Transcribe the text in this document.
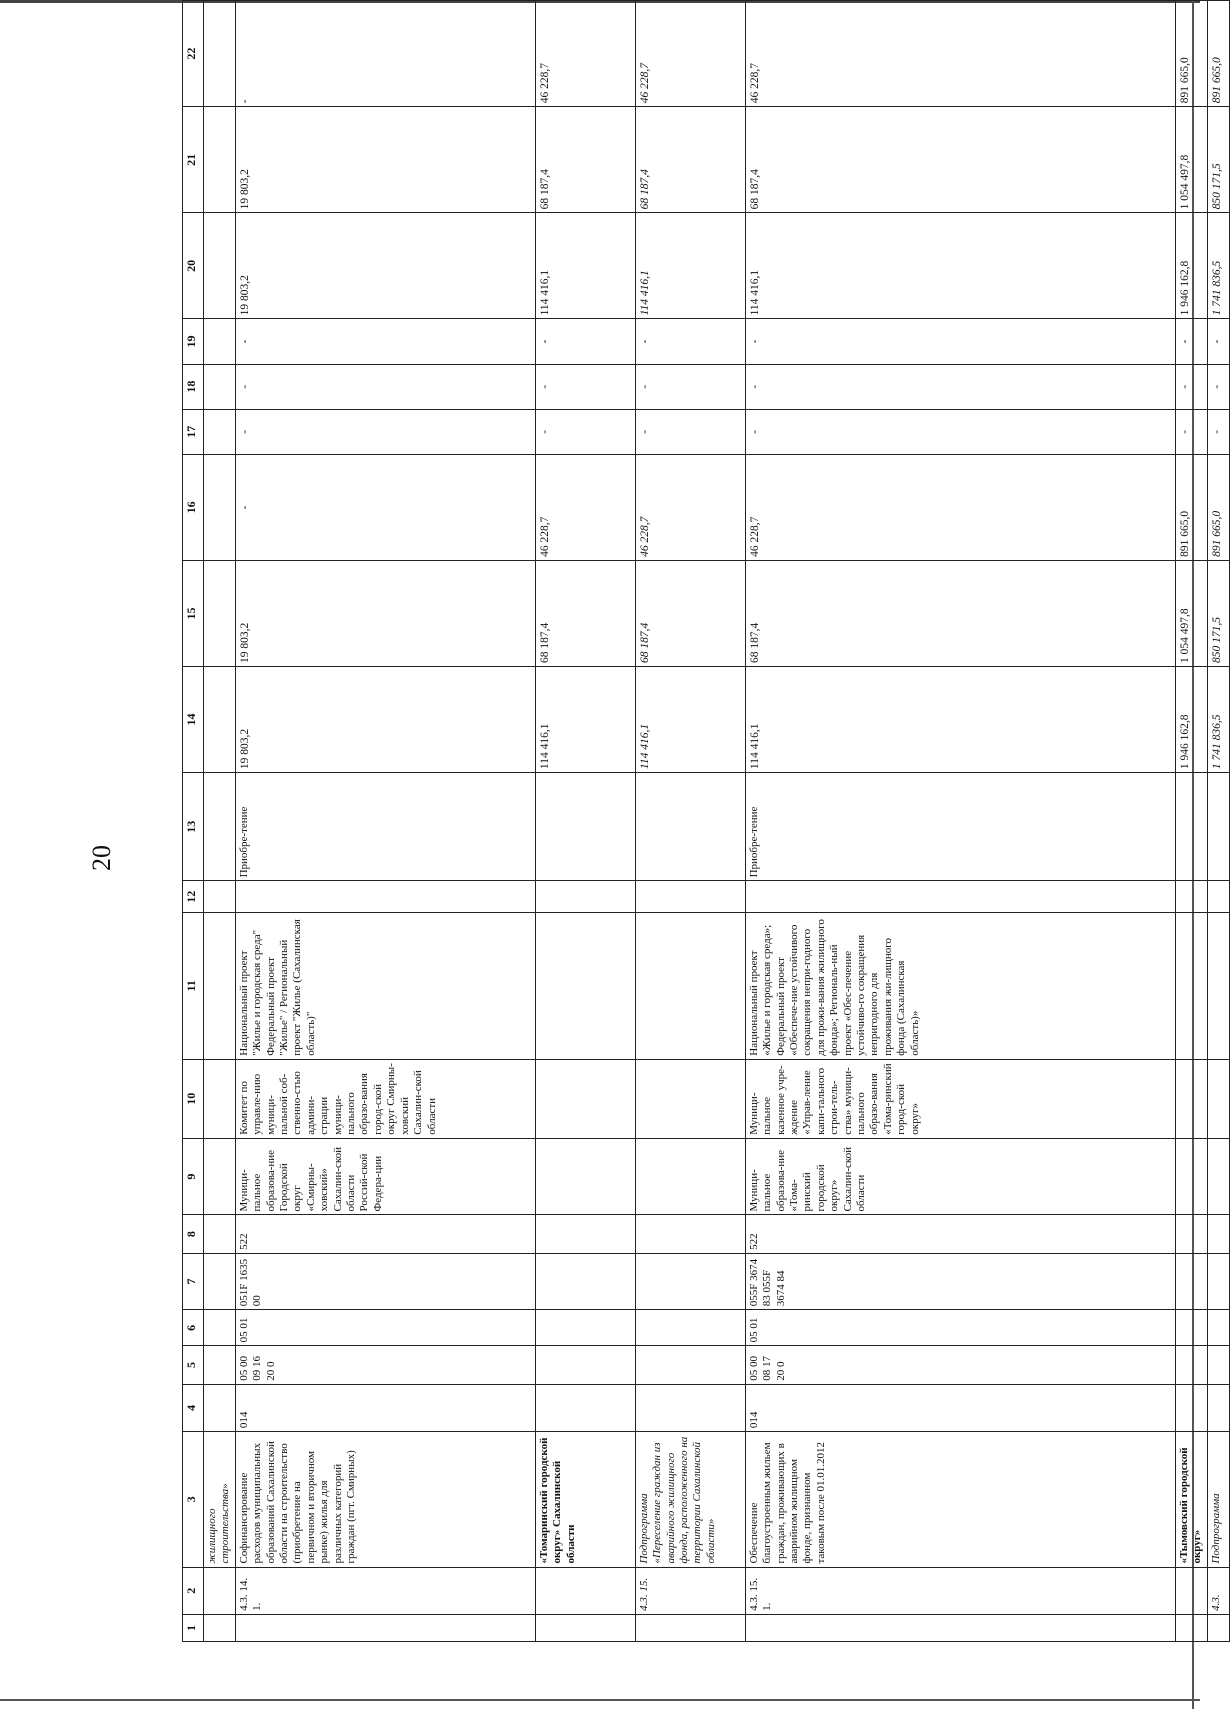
20
1	2	3	4	5	6	7	8	9	10	11	12	13	14	15	16	17	18	19	20	21	22
		жилищного строительства»																			
	4.3. 14. 1.	Софинансирование расходов муниципальных образований Сахалинской области на строительство (приобретение на первичном и вторичном рынке) жилья для различных категорий граждан (пгт. Смирных)	014	05 00 09 16 20 0	05 01	051F 1635 00	522	Муници-пальное образова-ние Городской округ «Смирны-ховский» Сахалин-ской области Россий-ской Федера-ции	Комитет по управле-нию муници-пальной соб-ственно-стью админи-страции муници-пального образо-вания город-ской округ Смирны-ховский Сахалин-ской области	Национальный проект "Жилье и городская среда" Федеральный проект "Жилье" / Региональный проект "Жилье (Сахалинская область)"		Приобре-тение	19 803,2	19 803,2	-	-	-	-	19 803,2	19 803,2	-
		«Томаринский городской округ» Сахалинской области											114 416,1	68 187,4	46 228,7	-	-	-	114 416,1	68 187,4	46 228,7
	4.3. 15.	Подпрограмма «Переселение граждан из аварийного жилищного фонда, расположенного на территории Сахалинской области»											114 416,1	68 187,4	46 228,7	-	-	-	114 416,1	68 187,4	46 228,7
	4.3. 15. 1.	Обеспечение благоустроенным жильем граждан, проживающих в аварийном жилищном фонде, признанном таковым после 01.01.2012	014	05 00 08 17 20 0	05 01	055F 3674 83 055F 3674 84	522	Муници-пальное образова-ние «Тома-ринский городской округ» Сахалин-ской области	Муници-пальное казенное учре-ждение «Управ-ление капи-тального строи-тель-ства» муници-пального образо-вания «Тома-ринский город-ской округ»	Национальный проект «Жилье и городская среда»; Федеральный проект «Обеспече-ние устойчивого сокращения непри-годного для прожи-вания жилищного фонда»; Региональ-ный проект «Обес-печение устойчиво-го сокращения непригодного для проживания жи-лищного фонда (Сахалинская область)»		Приобре-тение	114 416,1	68 187,4	46 228,7	-	-	-	114 416,1	68 187,4	46 228,7
		«Тымовский городской округ»											1 946 162,8	1 054 497,8	891 665,0	-	-	-	1 946 162,8	1 054 497,8	891 665,0
	4.3.	Подпрограмма											1 741 836,5	850 171,5	891 665,0	-	-	-	1 741 836,5	850 171,5	891 665,0
